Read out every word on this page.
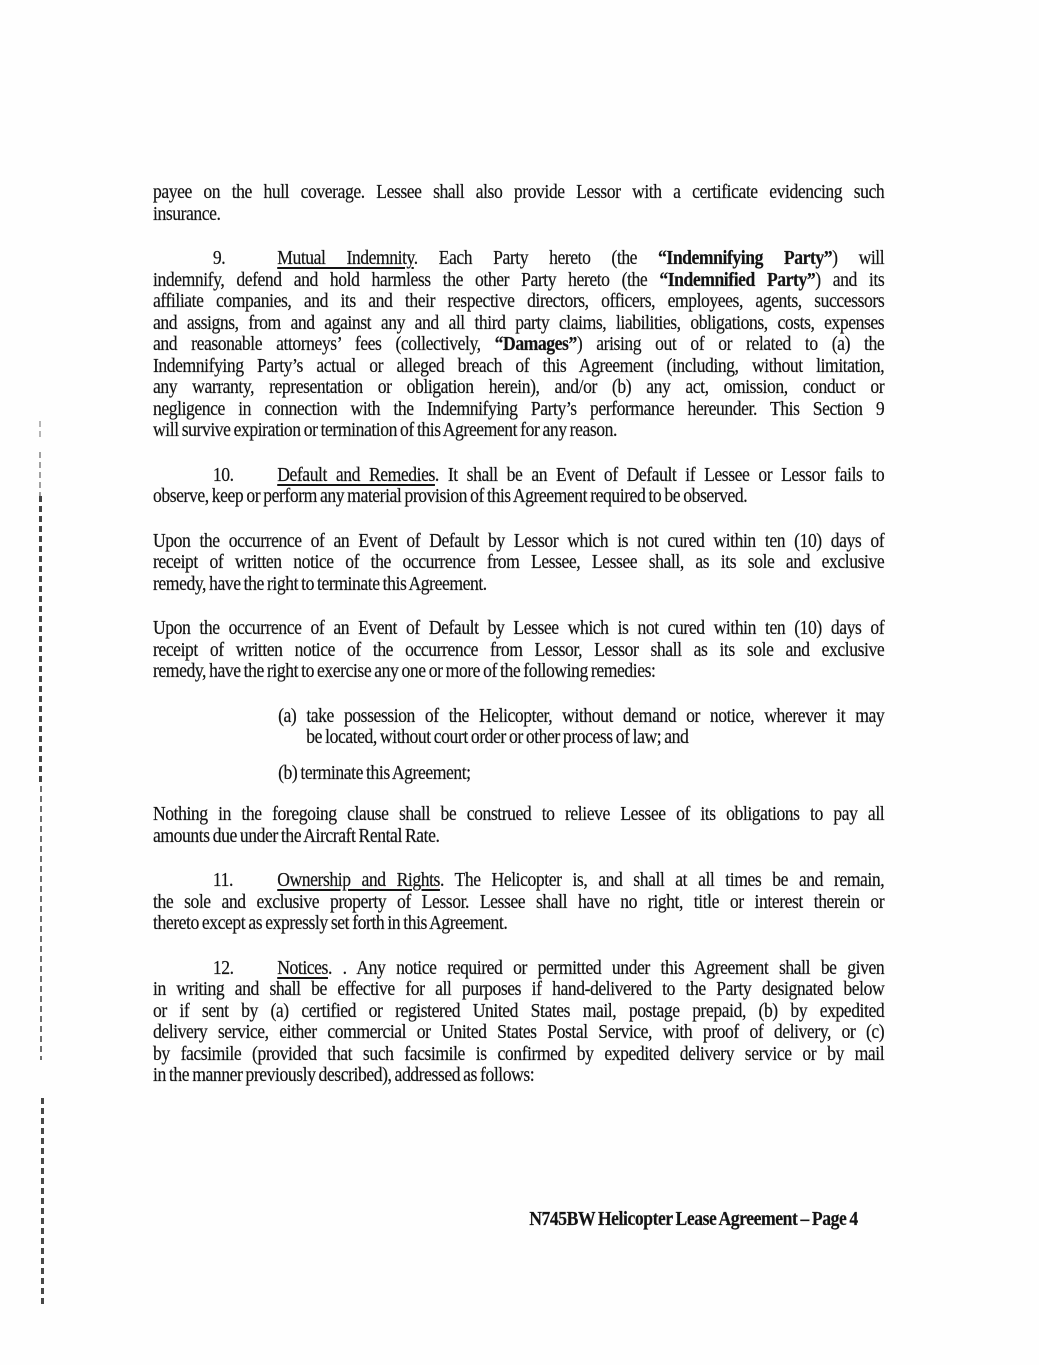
payee on the hull coverage. Lessee shall also provide Lessor with a certificate evidencing such
insurance.
9.	Mutual Indemnity. Each Party hereto (the “Indemnifying Party”) will
indemnify, defend and hold harmless the other Party hereto (the “Indemnified Party”) and its
affiliate companies, and its and their respective directors, officers, employees, agents, successors
and assigns, from and against any and all third party claims, liabilities, obligations, costs, expenses
and reasonable attorneys’ fees (collectively, “Damages”) arising out of or related to (a) the
Indemnifying Party’s actual or alleged breach of this Agreement (including, without limitation,
any warranty, representation or obligation herein), and/or (b) any act, omission, conduct or
negligence in connection with the Indemnifying Party’s performance hereunder. This Section 9
will survive expiration or termination of this Agreement for any reason.
10. Default and Remedies. It shall be an Event of Default if Lessee or Lessor fails to
observe, keep or perform any material provision of this Agreement required to be observed.
Upon the occurrence of an Event of Default by Lessor which is not cured within ten (10) days of
receipt of written notice of the occurrence from Lessee, Lessee shall, as its sole and exclusive
remedy, have the right to terminate this Agreement.
Upon the occurrence of an Event of Default by Lessee which is not cured within ten (10) days of
receipt of written notice of the occurrence from Lessor, Lessor shall as its sole and exclusive
remedy, have the right to exercise any one or more of the following remedies:
(a) take possession of the Helicopter, without demand or notice, wherever it may
be located, without court order or other process of law; and
(b) terminate this Agreement;
Nothing in the foregoing clause shall be construed to relieve Lessee of its obligations to pay all
amounts due under the Aircraft Rental Rate.
11. Ownership and Rights. The Helicopter is, and shall at all times be and remain,
the sole and exclusive property of Lessor. Lessee shall have no right, title or interest therein or
thereto except as expressly set forth in this Agreement.
12. Notices. . Any notice required or permitted under this Agreement shall be given
in writing and shall be effective for all purposes if hand-delivered to the Party designated below
or if sent by (a) certified or registered United States mail, postage prepaid, (b) by expedited
delivery service, either commercial or United States Postal Service, with proof of delivery, or (c)
by facsimile (provided that such facsimile is confirmed by expedited delivery service or by mail
in the manner previously described), addressed as follows:
N745BW Helicopter Lease Agreement – Page 4
